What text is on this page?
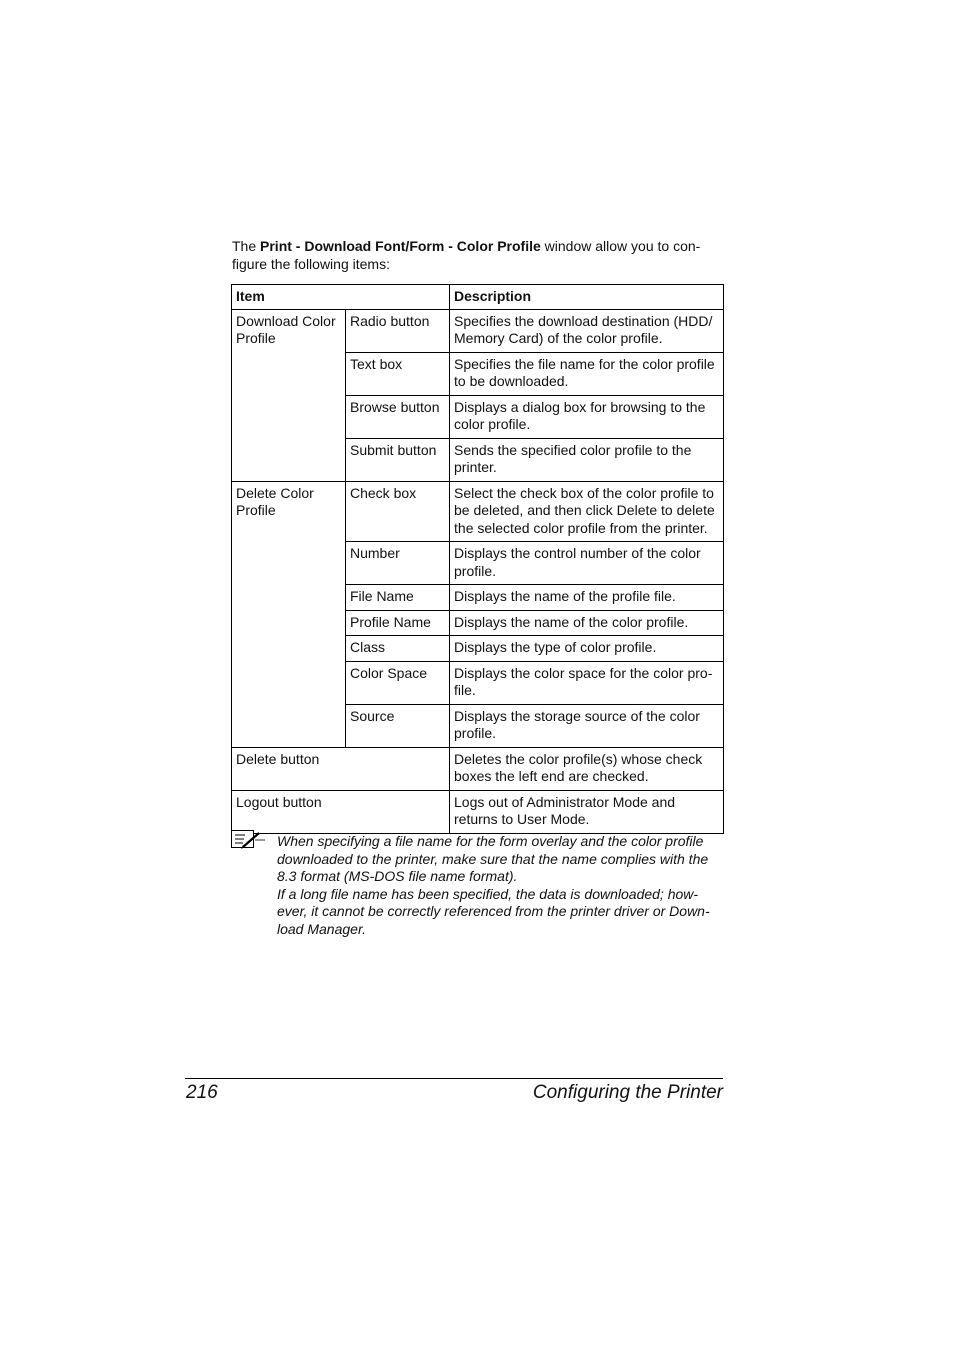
The Print - Download Font/Form - Color Profile window allow you to con-figure the following items:

Item		Description
Download Color Profile	Radio button	Specifies the download destination (HDD/ Memory Card) of the color profile.
	Text box	Specifies the file name for the color profile to be downloaded.
	Browse button	Displays a dialog box for browsing to the color profile.
	Submit button	Sends the specified color profile to the printer.
Delete Color Profile	Check box	Select the check box of the color profile to be deleted, and then click Delete to delete the selected color profile from the printer.
	Number	Displays the control number of the color profile.
	File Name	Displays the name of the profile file.
	Profile Name	Displays the name of the color profile.
	Class	Displays the type of color profile.
	Color Space	Displays the color space for the color pro-file.
	Source	Displays the storage source of the color profile.
Delete button		Deletes the color profile(s) whose check boxes the left end are checked.
Logout button		Logs out of Administrator Mode and returns to User Mode.

When specifying a file name for the form overlay and the color profile downloaded to the printer, make sure that the name complies with the 8.3 format (MS-DOS file name format).
If a long file name has been specified, the data is downloaded; how-ever, it cannot be correctly referenced from the printer driver or Down-load Manager.

216	Configuring the Printer
